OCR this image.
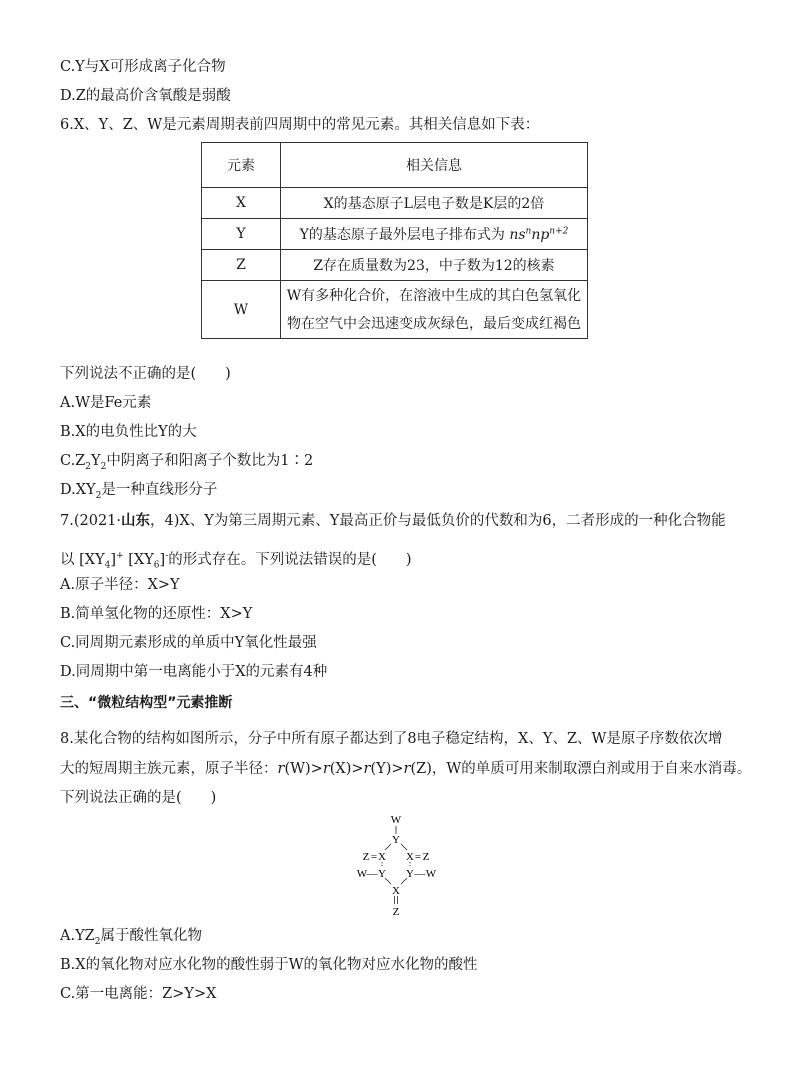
C.Y与X可形成离子化合物
D.Z的最高价含氧酸是弱酸
6.X、Y、Z、W是元素周期表前四周期中的常见元素。其相关信息如下表：
元素	相关信息
X	X的基态原子L层电子数是K层的2倍
Y	Y的基态原子最外层电子排布式为 $ns^nnp^{n+2}$
Z	Z存在质量数为23，中子数为12的核素
W	W有多种化合价，在溶液中生成的其白色氢氧化
物在空气中会迅速变成灰绿色，最后变成红褐色
下列说法不正确的是(　　)
A.W是Fe元素
B.X的电负性比Y的大
$C.Z_2Y_2$中阴离子和阳离子个数比为1∶2
$D.XY_2$是一种直线形分子
7.(2021·山东，4)X、Y为第三周期元素、Y最高正价与最低负价的代数和为6，二者形成的一种化合物能
以 $[XY_4]^+$ $[XY_6]^-$的形式存在。下列说法错误的是(　　)
A.原子半径：X>Y
B.简单氢化物的还原性：X>Y
C.同周期元素形成的单质中Y氧化性最强
D.同周期中第一电离能小于X的元素有4种
三、“微粒结构型”元素推断
8.某化合物的结构如图所示，分子中所有原子都达到了8电子稳定结构，X、Y、Z、W是原子序数依次增
大的短周期主族元素，原子半径：r(W)>r(X)>r(Y)>r(Z)，W的单质可用来制取漂白剂或用于自来水消毒。
下列说法正确的是(　　)
W
Y
Z = X X = Z
W — Y Y — W
X
Z
$A.YZ_2$属于酸性氧化物
B.X的氧化物对应水化物的酸性弱于W的氧化物对应水化物的酸性
C.第一电离能：Z>Y>X
